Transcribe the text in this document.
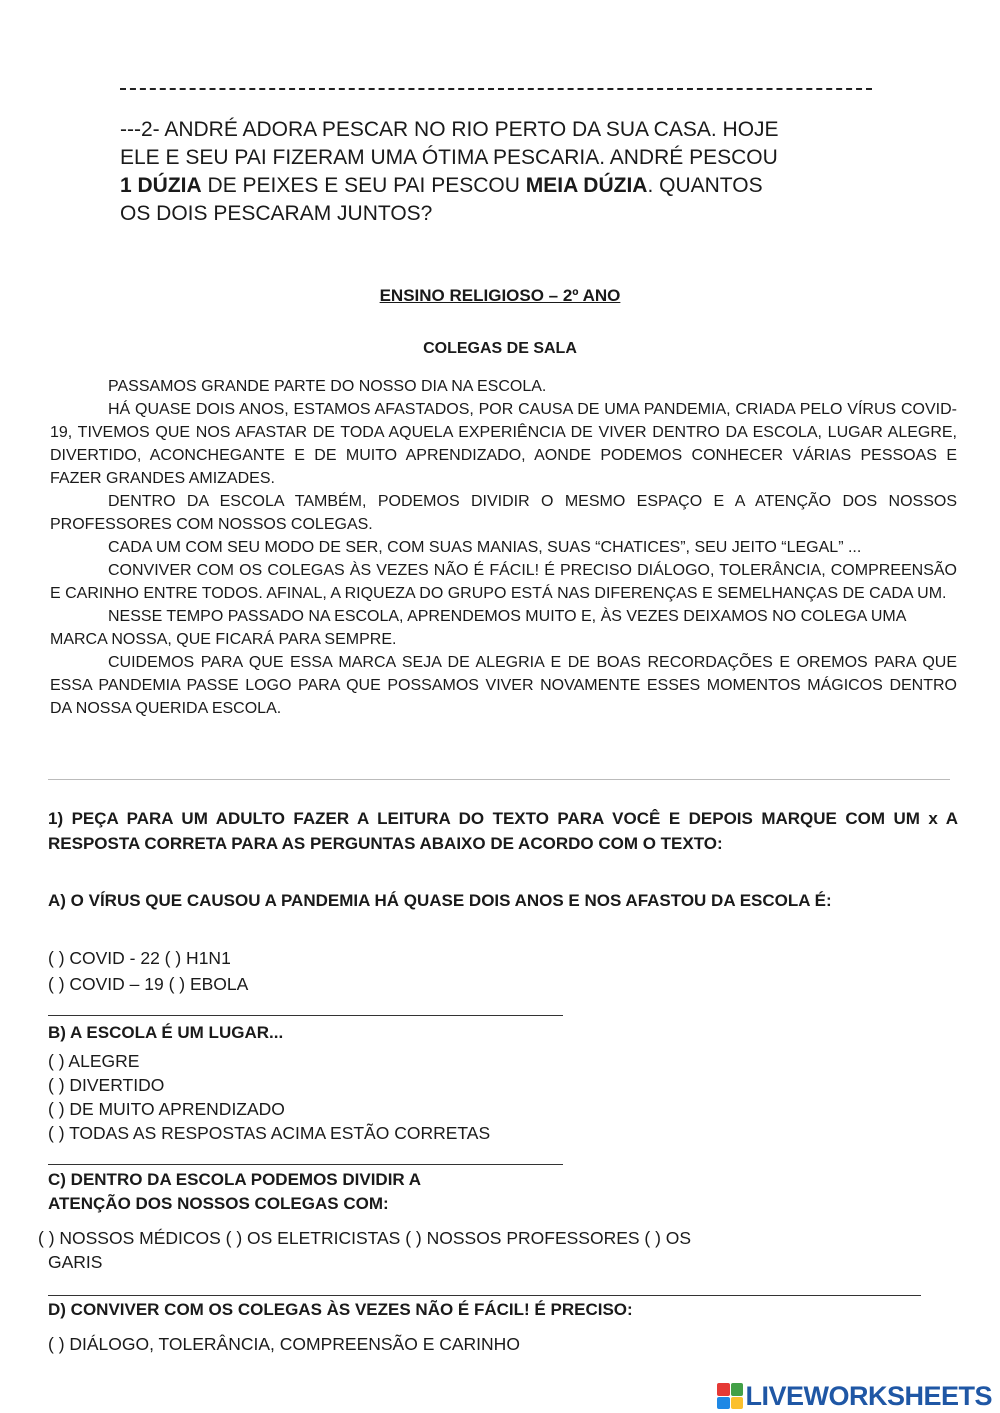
---2- ANDRÉ ADORA PESCAR NO RIO PERTO DA SUA CASA. HOJE
ELE E SEU PAI FIZERAM UMA ÓTIMA PESCARIA. ANDRÉ PESCOU
1 DÚZIA DE PEIXES E SEU PAI PESCOU MEIA DÚZIA. QUANTOS
OS DOIS PESCARAM JUNTOS?
ENSINO RELIGIOSO – 2º ANO
COLEGAS DE SALA
PASSAMOS GRANDE PARTE DO NOSSO DIA NA ESCOLA.
HÁ QUASE DOIS ANOS, ESTAMOS AFASTADOS, POR CAUSA DE UMA PANDEMIA, CRIADA PELO VÍRUS COVID-19, TIVEMOS QUE NOS AFASTAR DE TODA AQUELA EXPERIÊNCIA DE VIVER DENTRO DA ESCOLA, LUGAR ALEGRE, DIVERTIDO, ACONCHEGANTE E DE MUITO APRENDIZADO, AONDE PODEMOS CONHECER VÁRIAS PESSOAS E FAZER GRANDES AMIZADES.
DENTRO DA ESCOLA TAMBÉM, PODEMOS DIVIDIR O MESMO ESPAÇO E A ATENÇÃO DOS NOSSOS PROFESSORES COM NOSSOS COLEGAS.
CADA UM COM SEU MODO DE SER, COM SUAS MANIAS, SUAS “CHATICES”, SEU JEITO “LEGAL” ...
CONVIVER COM OS COLEGAS ÀS VEZES NÃO É FÁCIL! É PRECISO DIÁLOGO, TOLERÂNCIA, COMPREENSÃO E CARINHO ENTRE TODOS. AFINAL, A RIQUEZA DO GRUPO ESTÁ NAS DIFERENÇAS E SEMELHANÇAS DE CADA UM.
NESSE TEMPO PASSADO NA ESCOLA, APRENDEMOS MUITO E, ÀS VEZES DEIXAMOS NO COLEGA UMA MARCA NOSSA, QUE FICARÁ PARA SEMPRE.
CUIDEMOS PARA QUE ESSA MARCA SEJA DE ALEGRIA E DE BOAS RECORDAÇÕES E OREMOS PARA QUE ESSA PANDEMIA PASSE LOGO PARA QUE POSSAMOS VIVER NOVAMENTE ESSES MOMENTOS MÁGICOS DENTRO DA NOSSA QUERIDA ESCOLA.
1) PEÇA PARA UM ADULTO FAZER A LEITURA DO TEXTO PARA VOCÊ E DEPOIS MARQUE COM UM x A RESPOSTA CORRETA PARA AS PERGUNTAS ABAIXO DE ACORDO COM O TEXTO:
A) O VÍRUS QUE CAUSOU A PANDEMIA HÁ QUASE DOIS ANOS E NOS AFASTOU DA ESCOLA É:
( ) COVID - 22 ( ) H1N1
( ) COVID – 19 ( ) EBOLA
B) A ESCOLA É UM LUGAR...
( ) ALEGRE
( ) DIVERTIDO
( ) DE MUITO APRENDIZADO
( ) TODAS AS RESPOSTAS ACIMA ESTÃO CORRETAS
C) DENTRO DA ESCOLA PODEMOS DIVIDIR A
ATENÇÃO DOS NOSSOS COLEGAS COM:
( ) NOSSOS MÉDICOS ( ) OS ELETRICISTAS ( ) NOSSOS PROFESSORES ( ) OS
GARIS
D) CONVIVER COM OS COLEGAS ÀS VEZES NÃO É FÁCIL! É PRECISO:
( ) DIÁLOGO, TOLERÂNCIA, COMPREENSÃO E CARINHO
LIVEWORKSHEETS
